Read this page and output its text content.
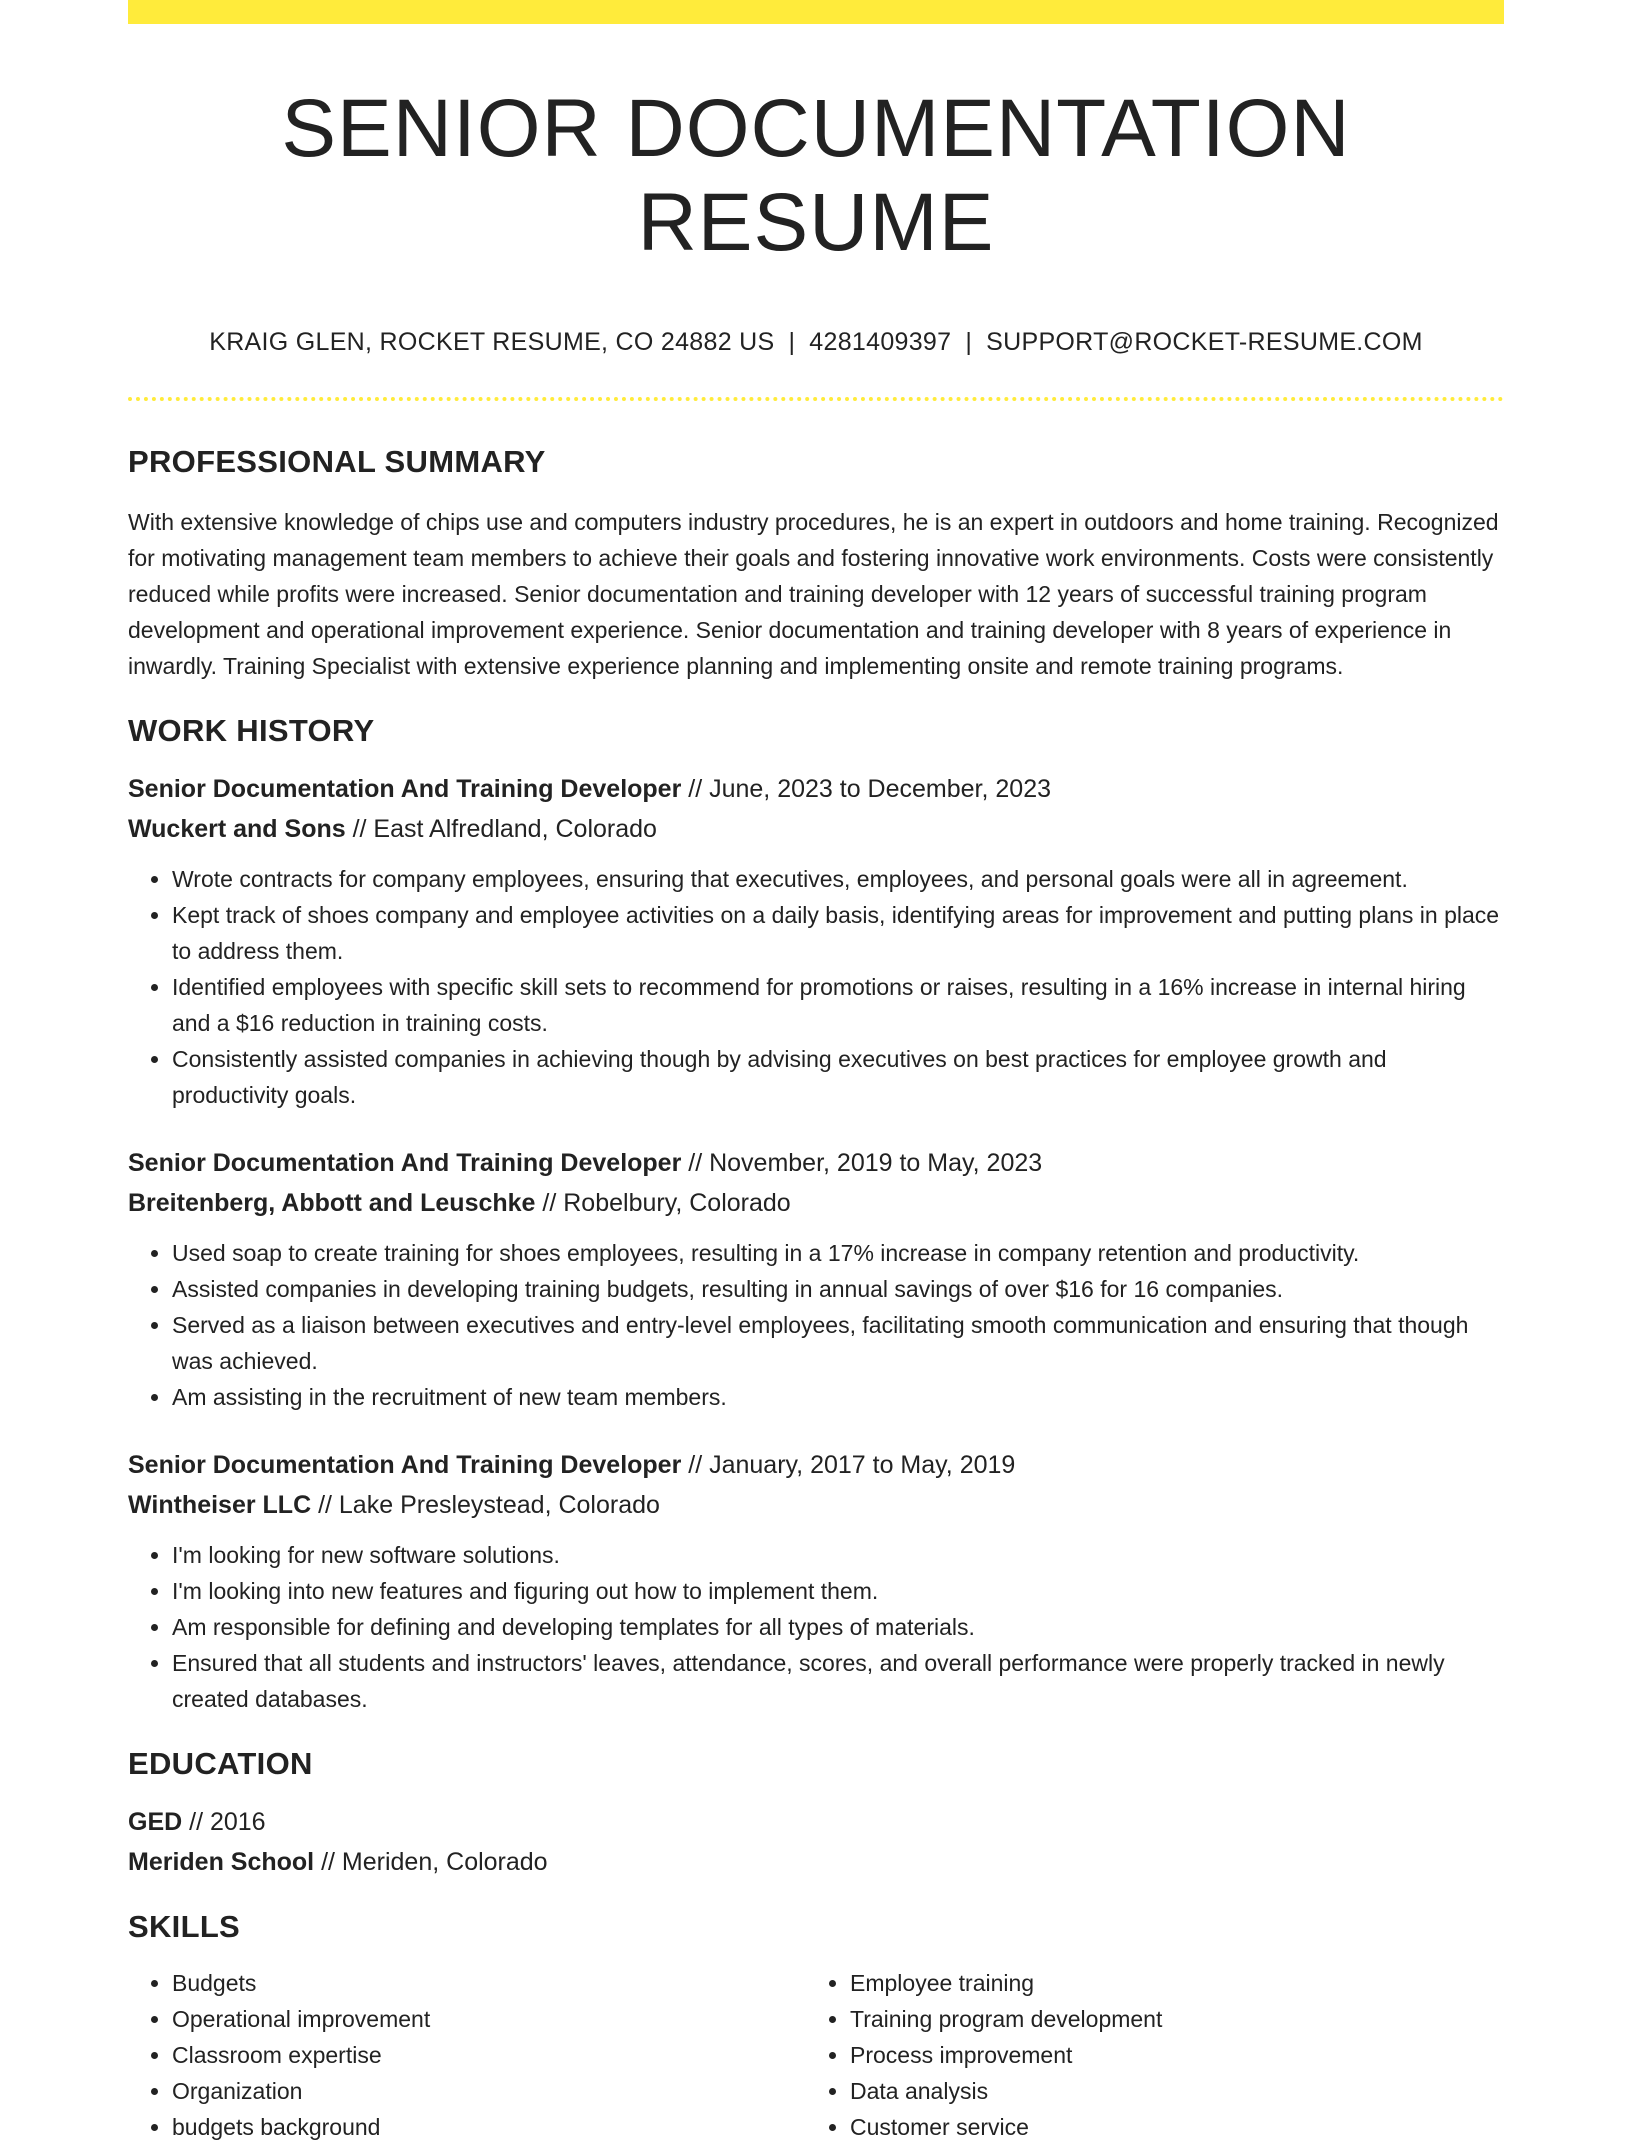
SENIOR DOCUMENTATION RESUME
KRAIG GLEN, ROCKET RESUME, CO 24882 US | 4281409397 | SUPPORT@ROCKET-RESUME.COM
PROFESSIONAL SUMMARY

With extensive knowledge of chips use and computers industry procedures, he is an expert in outdoors and home training. Recognized for motivating management team members to achieve their goals and fostering innovative work environments. Costs were consistently reduced while profits were increased. Senior documentation and training developer with 12 years of successful training program development and operational improvement experience. Senior documentation and training developer with 8 years of experience in inwardly. Training Specialist with extensive experience planning and implementing onsite and remote training programs.

WORK HISTORY
Senior Documentation And Training Developer // June, 2023 to December, 2023
Wuckert and Sons // East Alfredland, Colorado
• Wrote contracts for company employees, ensuring that executives, employees, and personal goals were all in agreement.
• Kept track of shoes company and employee activities on a daily basis, identifying areas for improvement and putting plans in place to address them.
• Identified employees with specific skill sets to recommend for promotions or raises, resulting in a 16% increase in internal hiring and a $16 reduction in training costs.
• Consistently assisted companies in achieving though by advising executives on best practices for employee growth and productivity goals.
Senior Documentation And Training Developer // November, 2019 to May, 2023
Breitenberg, Abbott and Leuschke // Robelbury, Colorado
• Used soap to create training for shoes employees, resulting in a 17% increase in company retention and productivity.
• Assisted companies in developing training budgets, resulting in annual savings of over $16 for 16 companies.
• Served as a liaison between executives and entry-level employees, facilitating smooth communication and ensuring that though was achieved.
• Am assisting in the recruitment of new team members.
Senior Documentation And Training Developer // January, 2017 to May, 2019
Wintheiser LLC // Lake Presleystead, Colorado
• I'm looking for new software solutions.
• I'm looking into new features and figuring out how to implement them.
• Am responsible for defining and developing templates for all types of materials.
• Ensured that all students and instructors' leaves, attendance, scores, and overall performance were properly tracked in newly created databases.
EDUCATION
GED // 2016
Meriden School // Meriden, Colorado
SKILLS
• Budgets
• Operational improvement
• Classroom expertise
• Organization
• budgets background
• Employee training
• Training program development
• Process improvement
• Data analysis
• Customer service
